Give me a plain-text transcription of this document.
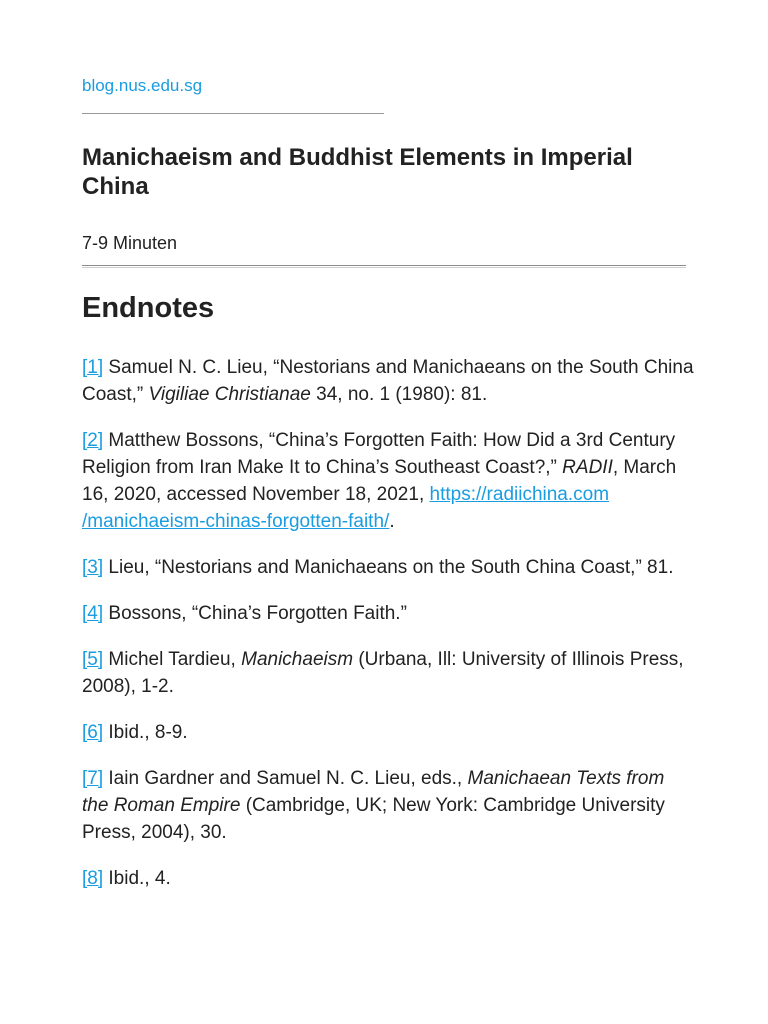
blog.nus.edu.sg
Manichaeism and Buddhist Elements in Imperial China
7-9 Minuten
Endnotes

[1] Samuel N. C. Lieu, “Nestorians and Manichaeans on the South China Coast,” Vigiliae Christianae 34, no. 1 (1980): 81.

[2] Matthew Bossons, “China’s Forgotten Faith: How Did a 3rd Century Religion from Iran Make It to China’s Southeast Coast?,” RADII, March 16, 2020, accessed November 18, 2021, https://radiichina.com
/manichaeism-chinas-forgotten-faith/.

[3] Lieu, “Nestorians and Manichaeans on the South China Coast,” 81.

[4] Bossons, “China’s Forgotten Faith.”

[5] Michel Tardieu, Manichaeism (Urbana, Ill: University of Illinois Press, 2008), 1-2.

[6] Ibid., 8-9.

[7] Iain Gardner and Samuel N. C. Lieu, eds., Manichaean Texts from the Roman Empire (Cambridge, UK; New York: Cambridge University Press, 2004), 30.

[8] Ibid., 4.
